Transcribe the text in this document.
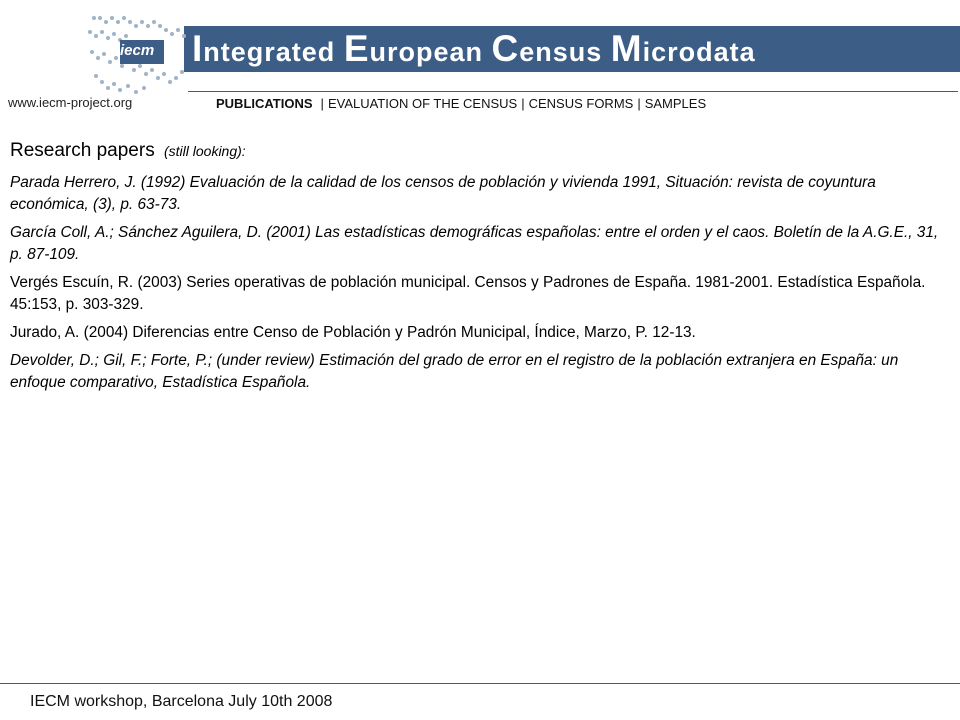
iecm Integrated European Census Microdata
www.iecm-project.org	PUBLICATIONS | EVALUATION OF THE CENSUS | CENSUS FORMS | SAMPLES
Research papers (still looking):

Parada Herrero, J. (1992) Evaluación de la calidad de los censos de población y vivienda 1991, Situación: revista de coyuntura económica, (3), p. 63-73.

García Coll, A.; Sánchez Aguilera, D. (2001) Las estadísticas demográficas españolas: entre el orden y el caos. Boletín de la A.G.E., 31, p. 87-109.

Vergés Escuín, R. (2003) Series operativas de población municipal. Censos y Padrones de España. 1981-2001. Estadística Española. 45:153, p. 303-329.

Jurado, A. (2004) Diferencias entre Censo de Población y Padrón Municipal, Índice, Marzo, P. 12-13.

Devolder, D.; Gil, F.; Forte, P.; (under review) Estimación del grado de error en el registro de la población extranjera en España: un enfoque comparativo, Estadística Española.

IECM workshop, Barcelona July 10th 2008
